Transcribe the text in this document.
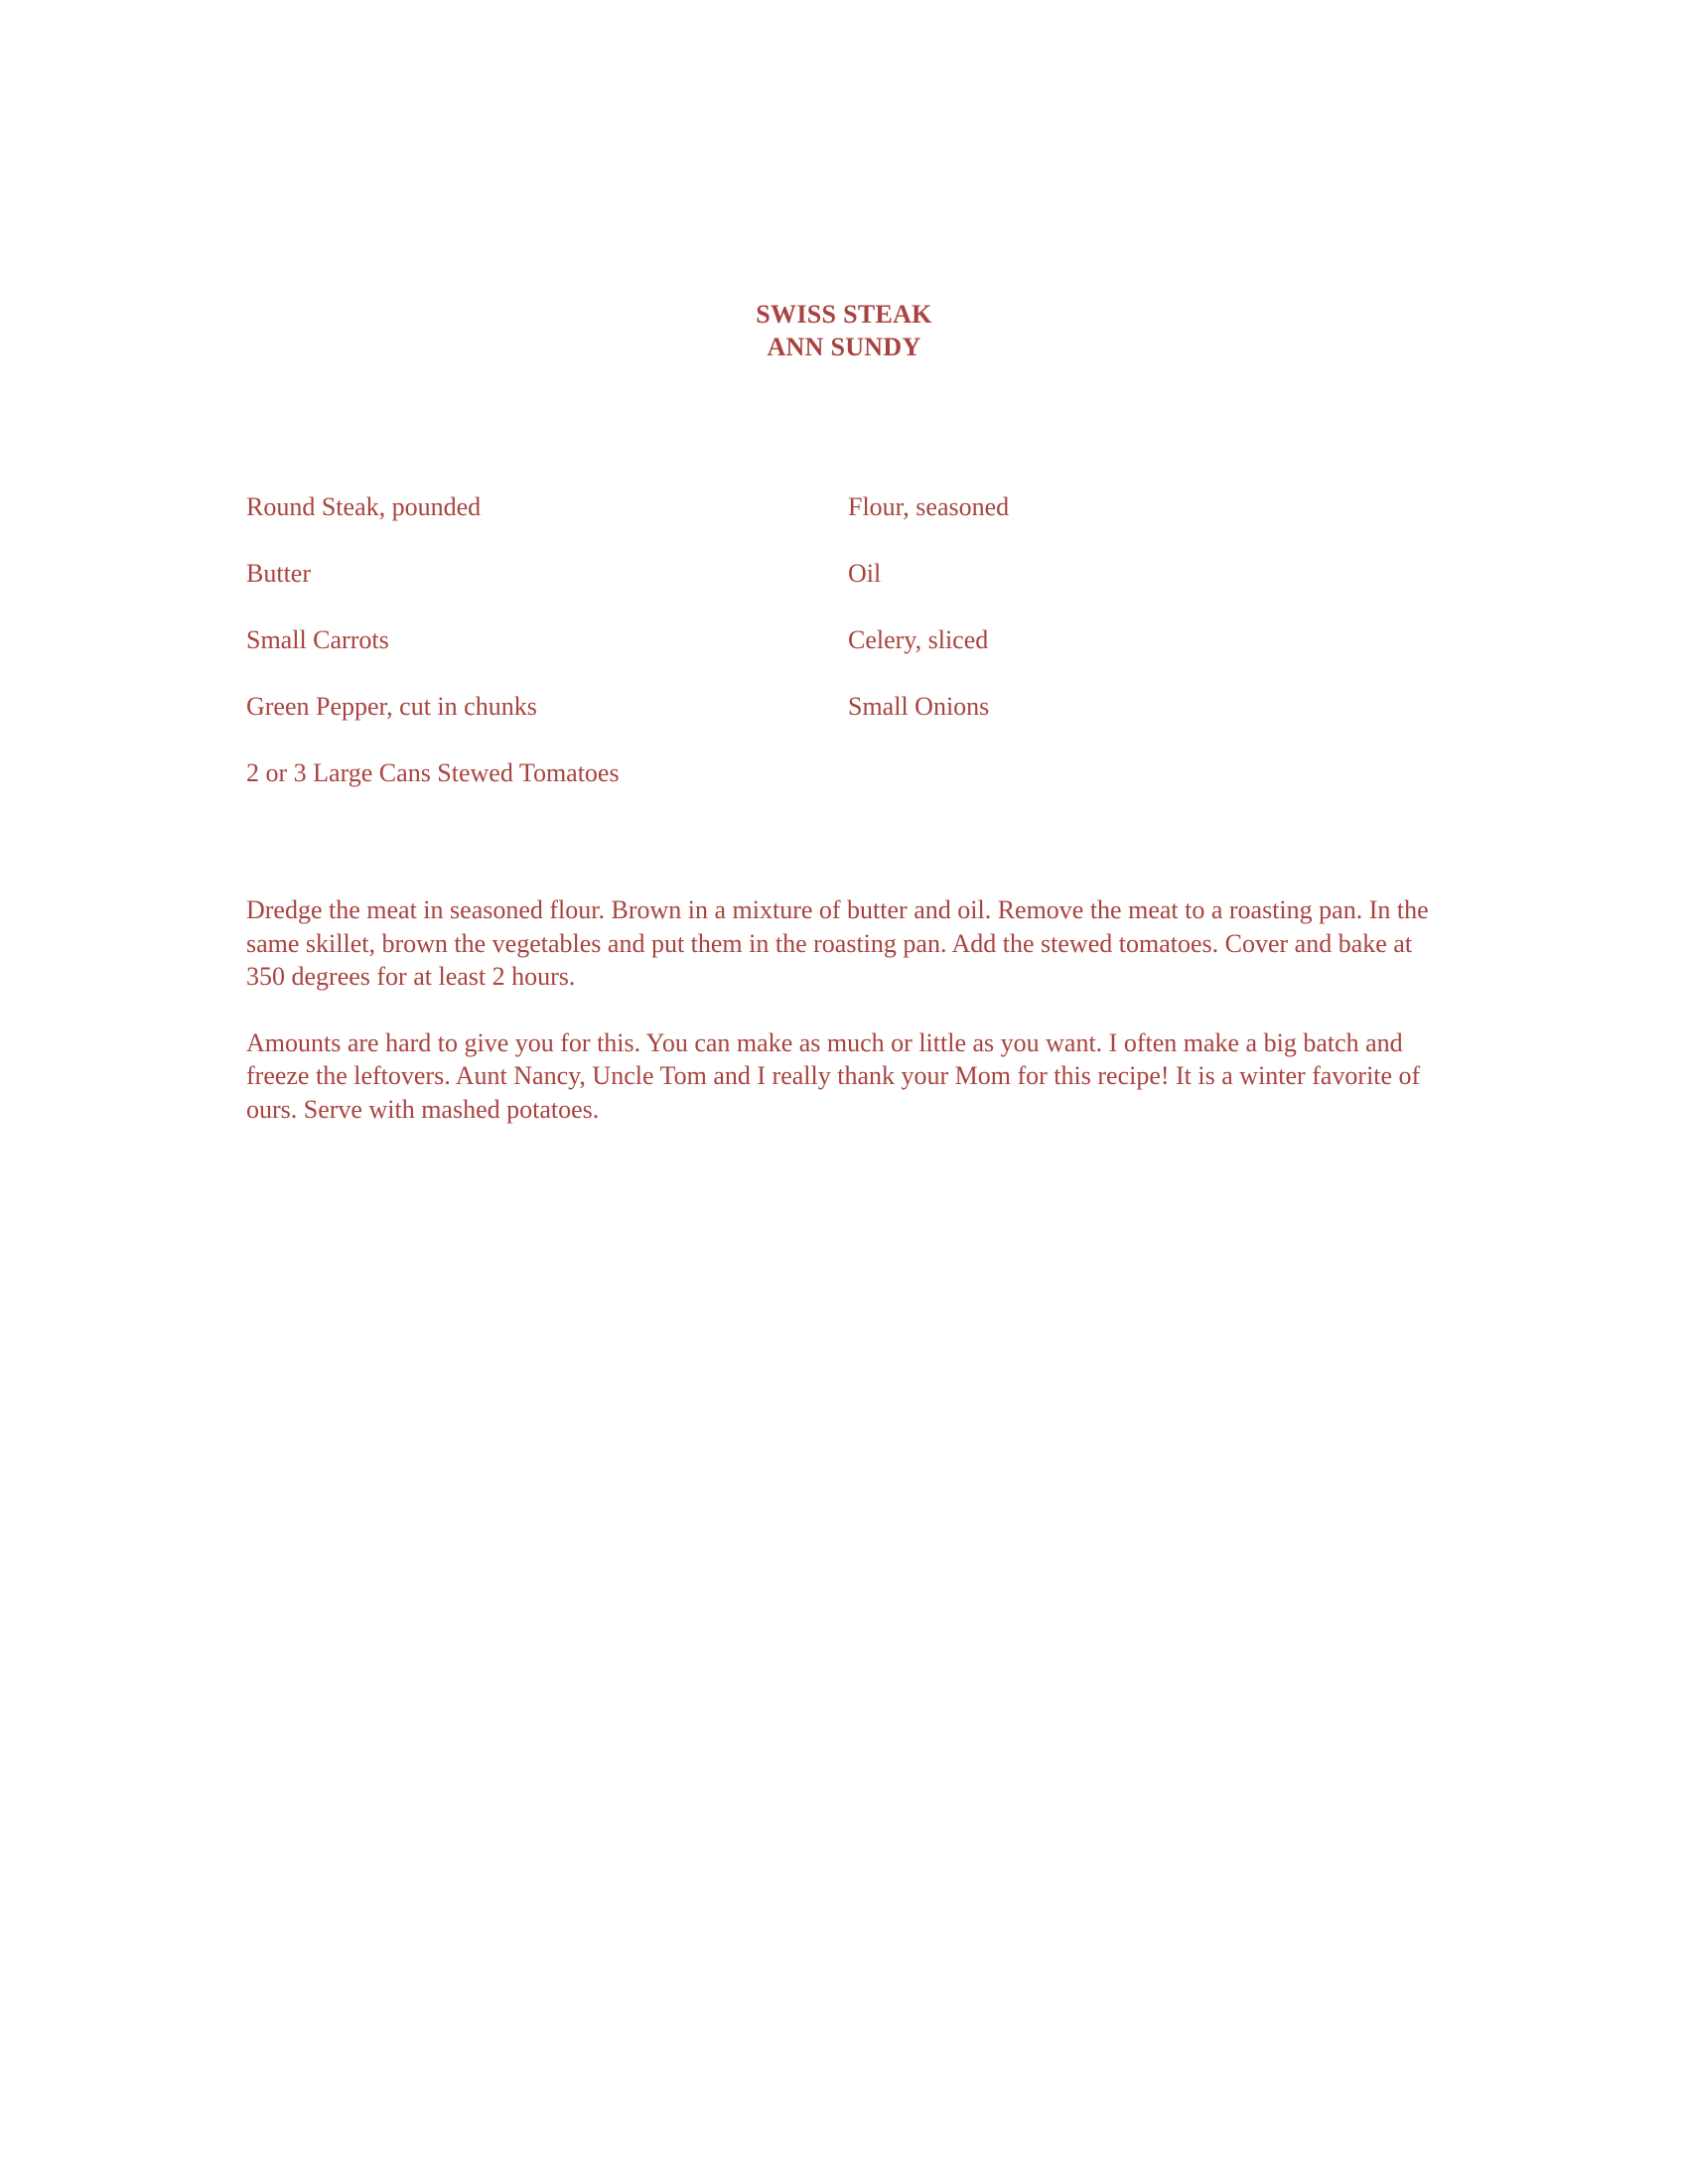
SWISS STEAK
ANN SUNDY
Round Steak, pounded	Flour, seasoned
Butter	Oil
Small Carrots	Celery, sliced
Green Pepper, cut in chunks	Small Onions
2 or 3 Large Cans Stewed Tomatoes

Dredge the meat in seasoned flour. Brown in a mixture of butter and oil. Remove the meat to a roasting pan. In the same skillet, brown the vegetables and put them in the roasting pan. Add the stewed tomatoes. Cover and bake at 350 degrees for at least 2 hours.

Amounts are hard to give you for this. You can make as much or little as you want. I often make a big batch and freeze the leftovers. Aunt Nancy, Uncle Tom and I really thank your Mom for this recipe! It is a winter favorite of ours. Serve with mashed potatoes.
